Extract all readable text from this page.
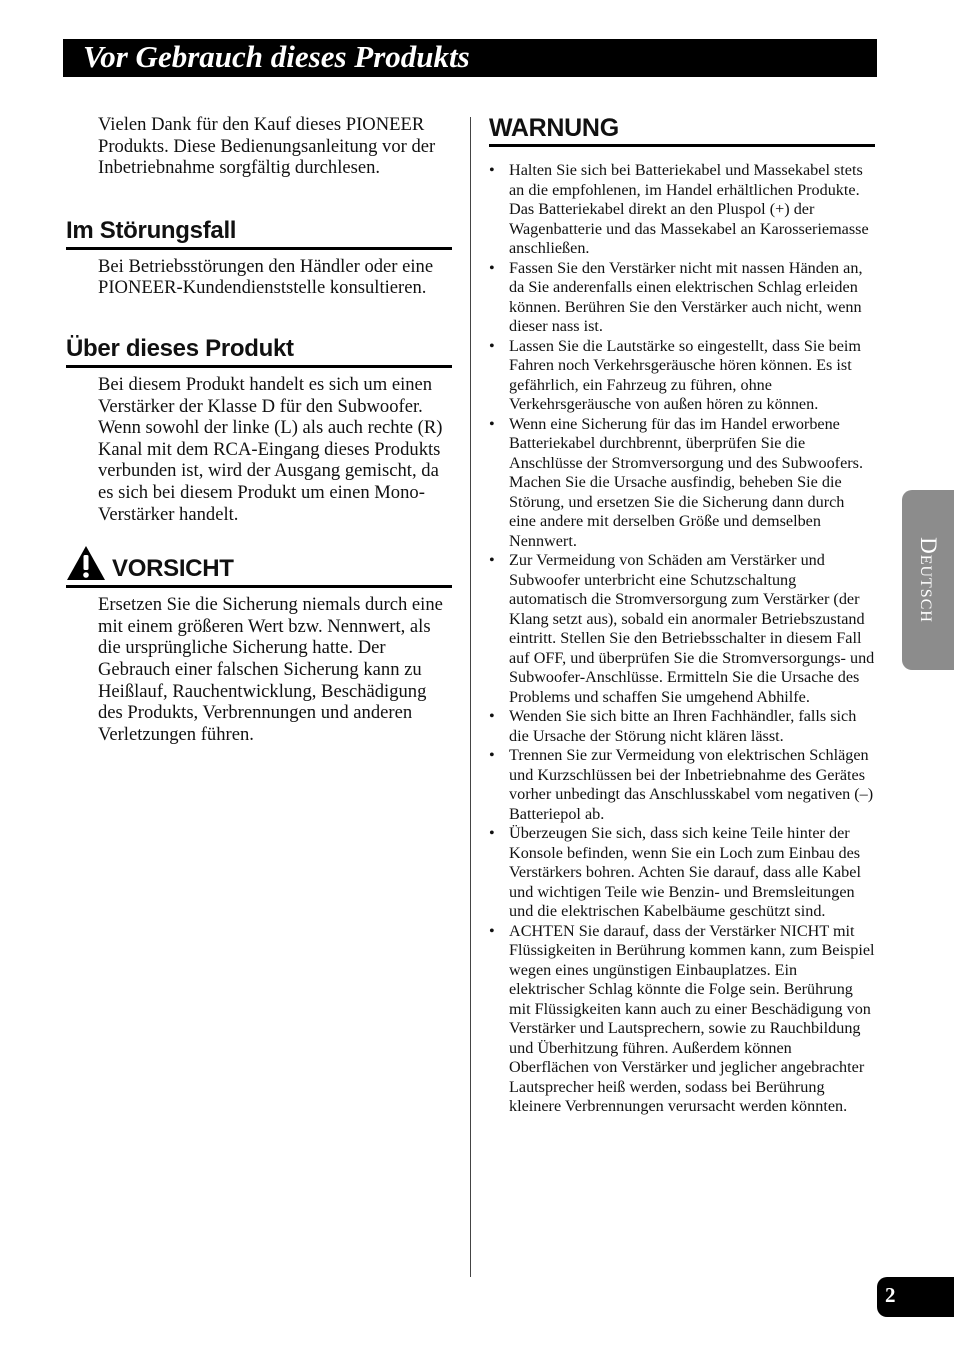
Vor Gebrauch dieses Produkts

Vielen Dank für den Kauf dieses PIONEER Produkts. Diese Bedienungsanleitung vor der Inbetriebnahme sorgfältig durchlesen.

Im Störungsfall

Bei Betriebsstörungen den Händler oder eine PIONEER-Kundendienststelle konsultieren.

Über dieses Produkt

Bei diesem Produkt handelt es sich um einen Verstärker der Klasse D für den Subwoofer. Wenn sowohl der linke (L) als auch rechte (R) Kanal mit dem RCA-Eingang dieses Produkts verbunden ist, wird der Ausgang gemischt, da es sich bei diesem Produkt um einen Mono-Verstärker handelt.

VORSICHT

Ersetzen Sie die Sicherung niemals durch eine mit einem größeren Wert bzw. Nennwert, als die ursprüngliche Sicherung hatte. Der Gebrauch einer falschen Sicherung kann zu Heißlauf, Rauchentwicklung, Beschädigung des Produkts, Verbrennungen und anderen Verletzungen führen.

WARNUNG
• Halten Sie sich bei Batteriekabel und Massekabel stets an die empfohlenen, im Handel erhältlichen Produkte. Das Batteriekabel direkt an den Pluspol (+) der Wagenbatterie und das Massekabel an Karosseriemasse anschließen.
• Fassen Sie den Verstärker nicht mit nassen Händen an, da Sie anderenfalls einen elektrischen Schlag erleiden können. Berühren Sie den Verstärker auch nicht, wenn dieser nass ist.
• Lassen Sie die Lautstärke so eingestellt, dass Sie beim Fahren noch Verkehrsgeräusche hören können. Es ist gefährlich, ein Fahrzeug zu führen, ohne Verkehrsgeräusche von außen hören zu können.
• Wenn eine Sicherung für das im Handel erworbene Batteriekabel durchbrennt, überprüfen Sie die Anschlüsse der Stromversorgung und des Subwoofers. Machen Sie die Ursache ausfindig, beheben Sie die Störung, und ersetzen Sie die Sicherung dann durch eine andere mit derselben Größe und demselben Nennwert.
• Zur Vermeidung von Schäden am Verstärker und Subwoofer unterbricht eine Schutzschaltung automatisch die Stromversorgung zum Verstärker (der Klang setzt aus), sobald ein anormaler Betriebszustand eintritt. Stellen Sie den Betriebsschalter in diesem Fall auf OFF, und überprüfen Sie die Stromversorgungs- und Subwoofer-Anschlüsse. Ermitteln Sie die Ursache des Problems und schaffen Sie umgehend Abhilfe.
• Wenden Sie sich bitte an Ihren Fachhändler, falls sich die Ursache der Störung nicht klären lässt.
• Trennen Sie zur Vermeidung von elektrischen Schlägen und Kurzschlüssen bei der Inbetriebnahme des Gerätes vorher unbedingt das Anschlusskabel vom negativen (–) Batteriepol ab.
• Überzeugen Sie sich, dass sich keine Teile hinter der Konsole befinden, wenn Sie ein Loch zum Einbau des Verstärkers bohren. Achten Sie darauf, dass alle Kabel und wichtigen Teile wie Benzin- und Bremsleitungen und die elektrischen Kabelbäume geschützt sind.
• ACHTEN Sie darauf, dass der Verstärker NICHT mit Flüssigkeiten in Berührung kommen kann, zum Beispiel wegen eines ungünstigen Einbauplatzes. Ein elektrischer Schlag könnte die Folge sein. Berührung mit Flüssigkeiten kann auch zu einer Beschädigung von Verstärker und Lautsprechern, sowie zu Rauchbildung und Überhitzung führen. Außerdem können Oberflächen von Verstärker und jeglicher angebrachter Lautsprecher heiß werden, sodass bei Berührung kleinere Verbrennungen verursacht werden könnten.
Deutsch
2
